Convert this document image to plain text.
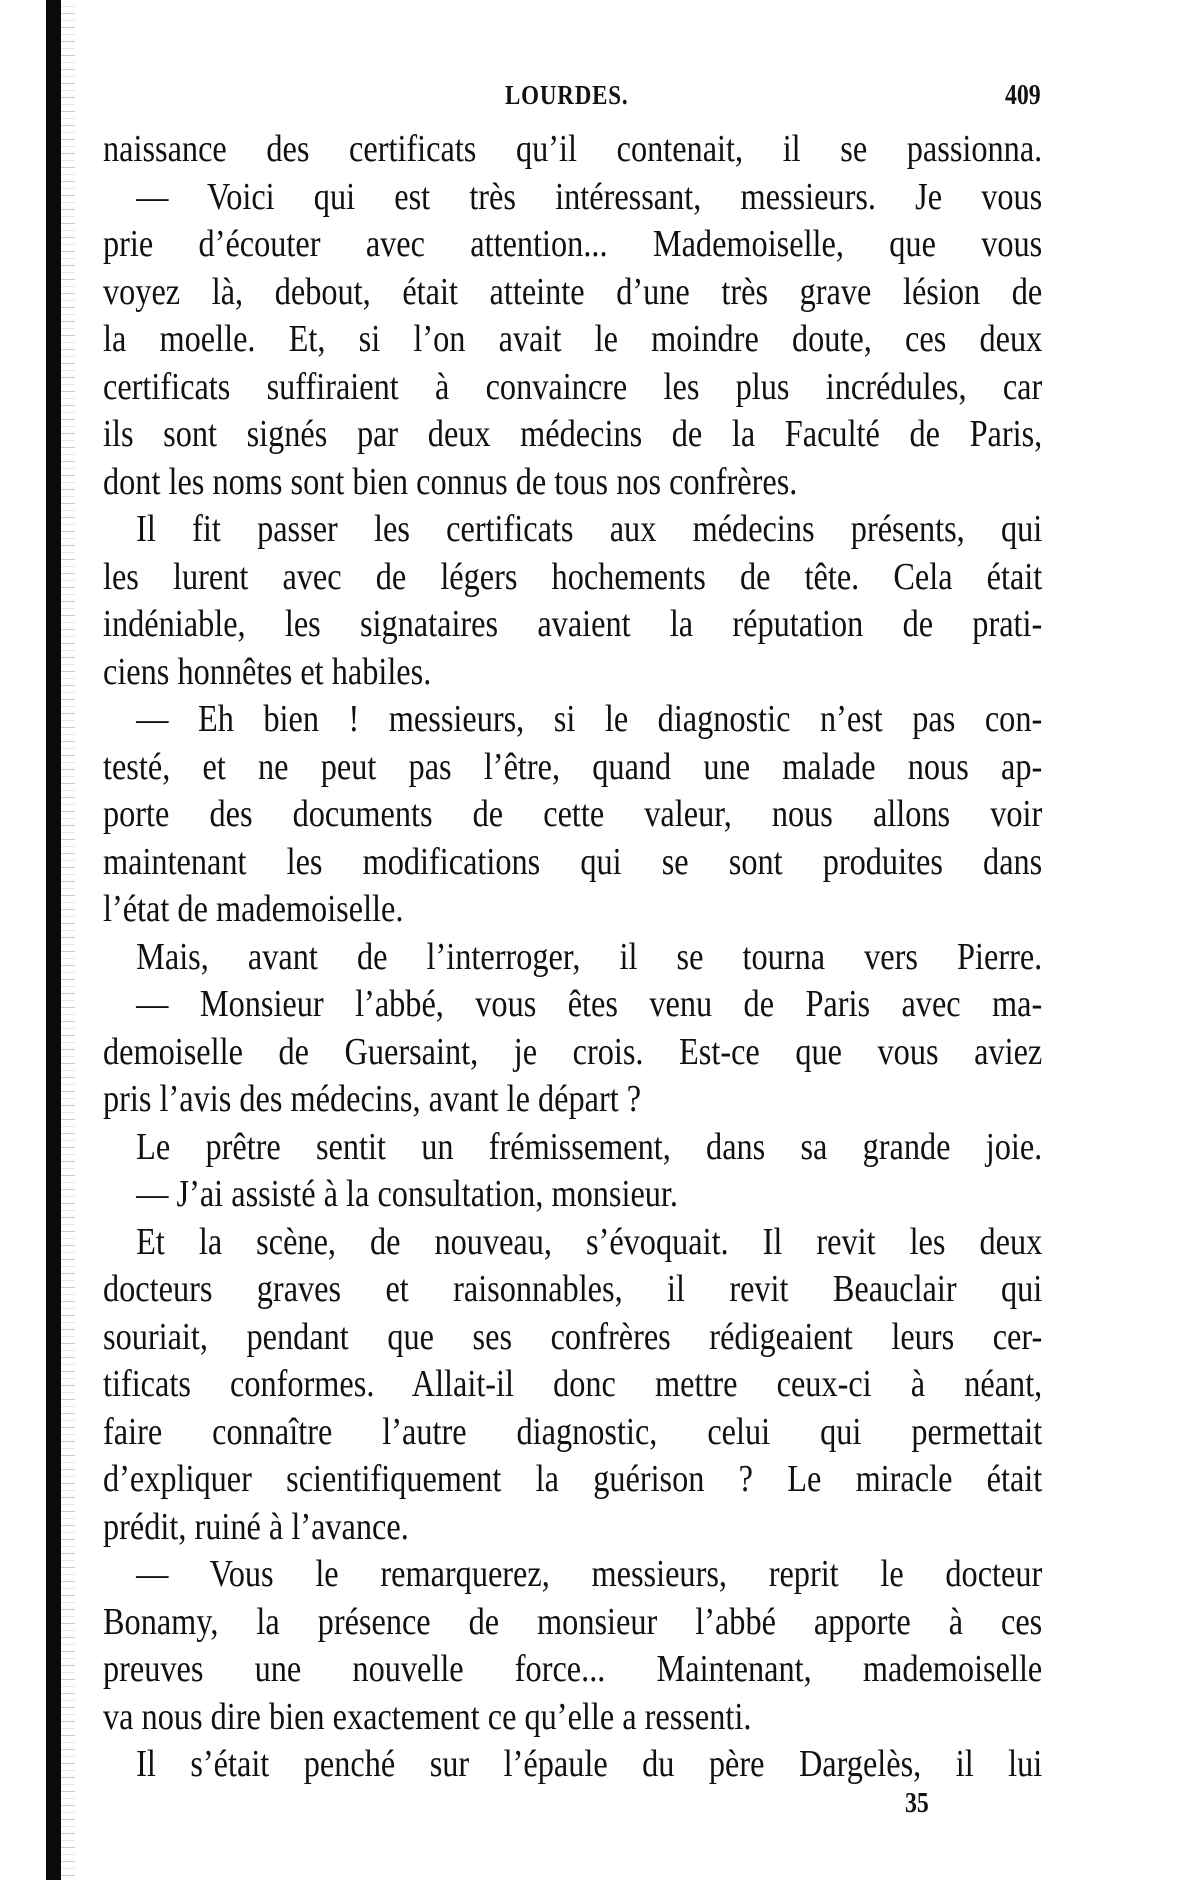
LOURDES.	409
naissance des certificats qu’il contenait, il se passionna.
— Voici qui est très intéressant, messieurs. Je vous
prie d’écouter avec attention... Mademoiselle, que vous
voyez là, debout, était atteinte d’une très grave lésion de
la moelle. Et, si l’on avait le moindre doute, ces deux
certificats suffiraient à convaincre les plus incrédules, car
ils sont signés par deux médecins de la Faculté de Paris,
dont les noms sont bien connus de tous nos confrères.
Il fit passer les certificats aux médecins présents, qui
les lurent avec de légers hochements de tête. Cela était
indéniable, les signataires avaient la réputation de prati-
ciens honnêtes et habiles.
— Eh bien ! messieurs, si le diagnostic n’est pas con-
testé, et ne peut pas l’être, quand une malade nous ap-
porte des documents de cette valeur, nous allons voir
maintenant les modifications qui se sont produites dans
l’état de mademoiselle.
Mais, avant de l’interroger, il se tourna vers Pierre.
— Monsieur l’abbé, vous êtes venu de Paris avec ma-
demoiselle de Guersaint, je crois. Est-ce que vous aviez
pris l’avis des médecins, avant le départ ?
Le prêtre sentit un frémissement, dans sa grande joie.
— J’ai assisté à la consultation, monsieur.
Et la scène, de nouveau, s’évoquait. Il revit les deux
docteurs graves et raisonnables, il revit Beauclair qui
souriait, pendant que ses confrères rédigeaient leurs cer-
tificats conformes. Allait-il donc mettre ceux-ci à néant,
faire connaître l’autre diagnostic, celui qui permettait
d’expliquer scientifiquement la guérison ? Le miracle était
prédit, ruiné à l’avance.
— Vous le remarquerez, messieurs, reprit le docteur
Bonamy, la présence de monsieur l’abbé apporte à ces
preuves une nouvelle force... Maintenant, mademoiselle
va nous dire bien exactement ce qu’elle a ressenti.
Il s’était penché sur l’épaule du père Dargelès, il lui
35
